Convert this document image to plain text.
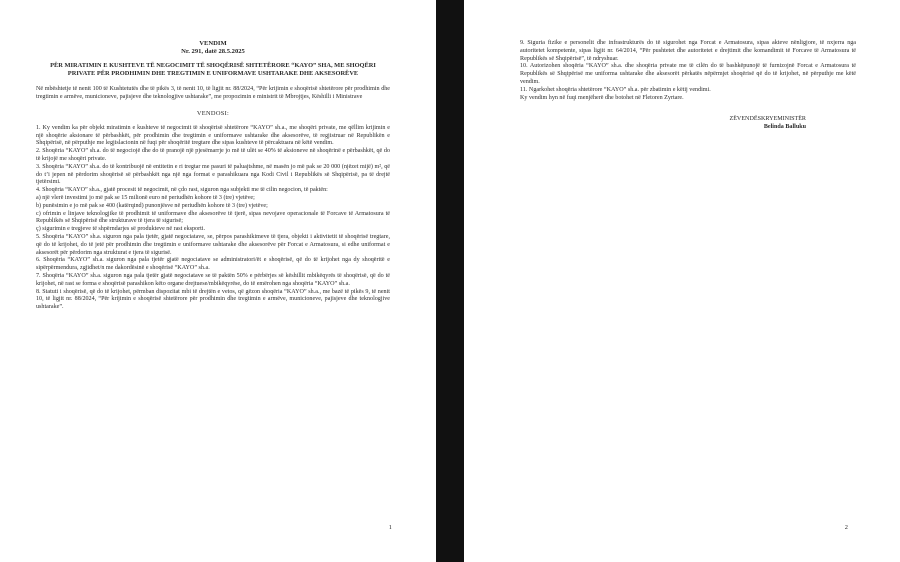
VENDIM
Nr. 291, datë 28.5.2025
PËR MIRATIMIN E KUSHTEVE TË NEGOCIMIT TË SHOQËRISË SHTETËRORE “KAYO” SHA, ME SHOQËRI PRIVATE PËR PRODHIMIN DHE TREGTIMIN E UNIFORMAVE USHTARAKE DHE AKSESORËVE
Në mbështetje të nenit 100 të Kushtetutës dhe të pikës 3, të nenit 10, të ligjit nr. 88/2024, “Për krijimin e shoqërisë shtetërore për prodhimin dhe tregtimin e armëve, municioneve, pajisjeve dhe teknologjive ushtarake”, me propozimin e ministrit të Mbrojtjes, Këshilli i Ministrave
VENDOSI:
1. Ky vendim ka për objekt miratimin e kushteve të negocimit të shoqërisë shtetërore “KAYO” sh.a., me shoqëri private, me qëllim krijimin e një shoqërie aksionare të përbashkët, për prodhimin dhe tregtimin e uniformave ushtarake dhe aksesorëve, të regjistruar në Republikën e Shqipërisë, në përputhje me legjislacionin në fuqi për shoqëritë tregtare dhe sipas kushteve të përcaktuara në këtë vendim.
2. Shoqëria “KAYO” sh.a. do të negociojë dhe do të pranojë një pjesëmarrje jo më të ulët se 40% të aksioneve në shoqërinë e përbashkët, që do të krijojë me shoqëri private.
3. Shoqëria “KAYO” sh.a. do të kontribuojë në entitetin e ri tregtar me pasuri të paluajtshme, në masën jo më pak se 20 000 (njëzet mijë) m², që do t’i jepen në përdorim shoqërisë së përbashkët nga një nga format e parashikuara nga Kodi Civil i Republikës së Shqipërisë, pa të drejtë tjetërsimi.
4. Shoqëria “KAYO” sh.a., gjatë procesit të negocimit, në çdo rast, siguron nga subjekti me të cilin negocion, të paktën:
a) një vlerë investimi jo më pak se 15 milionë euro në periudhën kohore të 3 (tre) vjetëve;
b) punësimin e jo më pak se 400 (katërqind) punonjësve në periudhën kohore të 3 (tre) vjetëve;
c) ofrimin e linjave teknologjike të prodhimit të uniformave dhe aksesorëve të tjerë, sipas nevojave operacionale të Forcave të Armatosura të Republikës së Shqipërisë dhe strukturave të tjera të sigurisë;
ç) sigurimin e tregjeve të shpërndarjes së produkteve në rast eksporti.
5. Shoqëria “KAYO” sh.a. siguron nga pala tjetër, gjatë negociatave, se, përpos parashikimeve të tjera, objekti i aktivitetit të shoqërisë tregtare, që do të krijohet, do të jetë për prodhimin dhe tregtimin e uniformave ushtarake dhe aksesorëve për Forcat e Armatosura, si edhe uniformat e aksesorët për përdorim nga strukturat e tjera të sigurisë.
6. Shoqëria “KAYO” sh.a. siguron nga pala tjetër gjatë negociatave se administratori/ët e shoqërisë, që do të krijohet nga dy shoqëritë e sipërpërmendura, zgjidhet/n me dakordësinë e shoqërisë “KAYO” sh.a.
7. Shoqëria “KAYO” sh.a. siguron nga pala tjetër gjatë negociatave se të paktën 50% e përbërjes së këshillit mbikëqyrës të shoqërisë, që do të krijohet, në rast se forma e shoqërisë parashikon këto organe drejtuese/mbikëqyrëse, do të emërohen nga shoqëria “KAYO” sh.a.
8. Statuti i shoqërisë, që do të krijohet, përmban dispozitat mbi të drejtën e vetos, që gëzon shoqëria “KAYO” sh.a., me bazë të pikës 9, të nenit 10, të ligjit nr. 88/2024, “Për krijimin e shoqërisë shtetërore për prodhimin dhe tregtimin e armëve, municioneve, pajisjeve dhe teknologjive ushtarake”.
1
9. Siguria fizike e personelit dhe infrastrukturës do të sigurohet nga Forcat e Armatosura, sipas akteve nënligjore, të nxjerra nga autoritetet kompetente, sipas ligjit nr. 64/2014, “Për pushtetet dhe autoritetet e drejtimit dhe komandimit të Forcave të Armatosura të Republikës së Shqipërisë”, të ndryshuar.
10. Autorizohen shoqëria “KAYO” sh.a. dhe shoqëria private me të cilën do të bashkëpunojë të furnizojnë Forcat e Armatosura të Republikës së Shqipërisë me uniforma ushtarake dhe aksesorët përkatës nëpërmjet shoqërisë që do të krijohet, në përputhje me këtë vendim.
11. Ngarkohet shoqëria shtetërore “KAYO” sh.a. për zbatimin e këtij vendimi.
Ky vendim hyn në fuqi menjëherë dhe botohet në Fletoren Zyrtare.
ZËVENDËSKRYEMINISTËR
Belinda Balluku
2
